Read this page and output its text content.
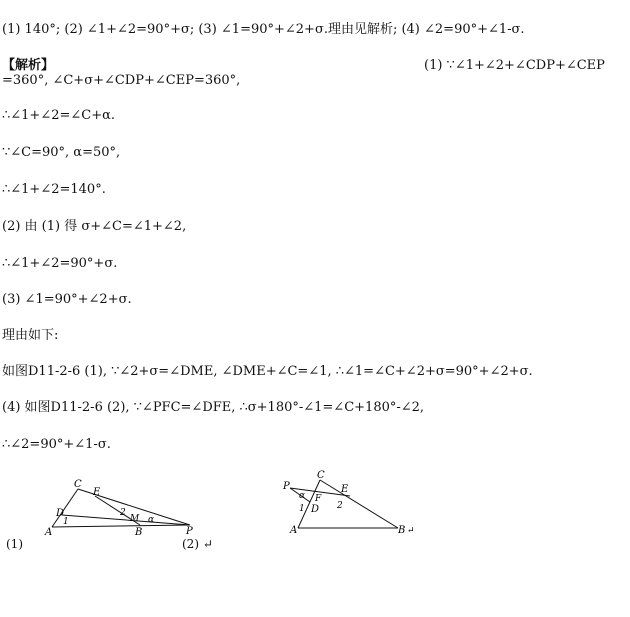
(1) 140°; (2) ∠1+∠2=90°+σ; (3) ∠1=90°+∠2+σ.理由见解析; (4) ∠2=90°+∠1-σ.
【解析】	(1) ∵∠1+∠2+∠CDP+∠CEP
=360°, ∠C+σ+∠CDP+∠CEP=360°,
∴∠1+∠2=∠C+α.
∵∠C=90°, α=50°,
∴∠1+∠2=140°.
(2) 由 (1) 得 σ+∠C=∠1+∠2,
∴∠1+∠2=90°+σ.
(3) ∠1=90°+∠2+σ.
理由如下:
如图D11-2-6 (1), ∵∠2+σ=∠DME, ∠DME+∠C=∠1, ∴∠1=∠C+∠2+σ=90°+∠2+σ.
(4) 如图D11-2-6 (2), ∵∠PFC=∠DFE, ∴σ+180°-∠1=∠C+180°-∠2,
∴∠2=90°+∠1-σ.
C
E
D
1
A	B	P
2
M α
(1)
P
C
E
F
D
α
1	2
A	B ↵
(2) ↵
